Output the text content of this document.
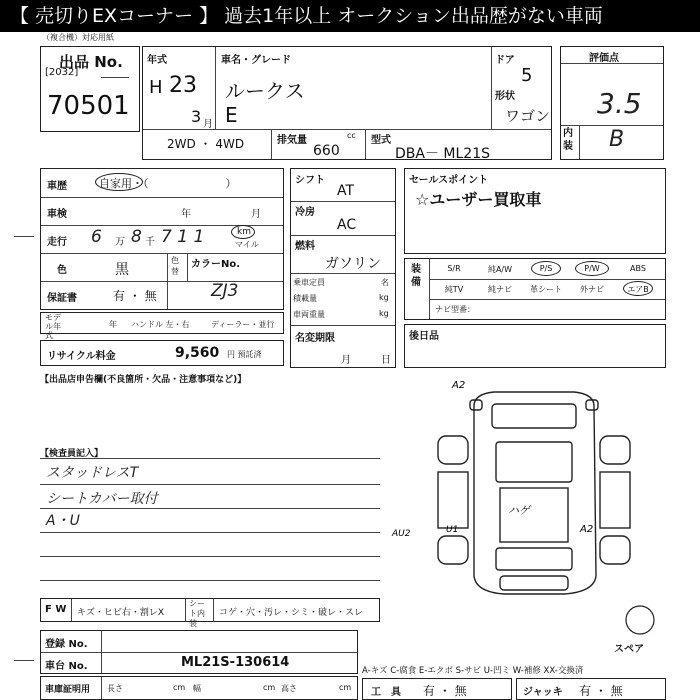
【 売切りEXコーナー 】 過去1年以上 オークション出品歴がない車両
（複合機）対応用紙
出品 No.
[2032]
70501
年式
H 23
3 月
車名・グレード
ルークス
E
ドア
5
形状
ワゴン
2WD ・ 4WD	排気量	cc
660
型式
DBA－ ML21S
評価点
3.5
内装 B
車歴	自家用・（　　　　　　　）
車検	年	月
走行 6 万 8 千 7 1 1	km
マイル
色	黒
色替
カラーNo.
ZJ3
保証書	有 ・ 無
モデル年式
年 ハンドル 左・右	ディーラー・並行
リサイクル料金	9,560 円 預託済
シフト
AT
冷房
AC
燃料
ガソリン
乗車定員	名
積載量	kg
車両重量	kg
名変期限
月	日
セールスポイント
☆ユーザー買取車
装備
S/R	純A/W	P/S	P/W	ABS
純TV	純ナビ	革シート	外ナビ	エアB
ナビ型番：
後日品
【出品店申告欄(不良箇所・欠品・注意事項など)】
【検査員記入】
スタッドレスT
シートカバー取付
A・U
A2
AU2	U1
ハゲ
A2
スペア
F W キズ・ヒビ右・割レX
シート内装
コゲ・穴・汚レ・シミ・破レ・スレ
登録 No.
車台 No.	ML21S-130614
車庫証明用 長さ	cm 幅	cm 高さ	cm
A-キズ C-腐食 E-エクボ S-サビ U-凹ミ W-補修 XX-交換済
工　具 有 ・ 無	ジャッキ 有 ・ 無
